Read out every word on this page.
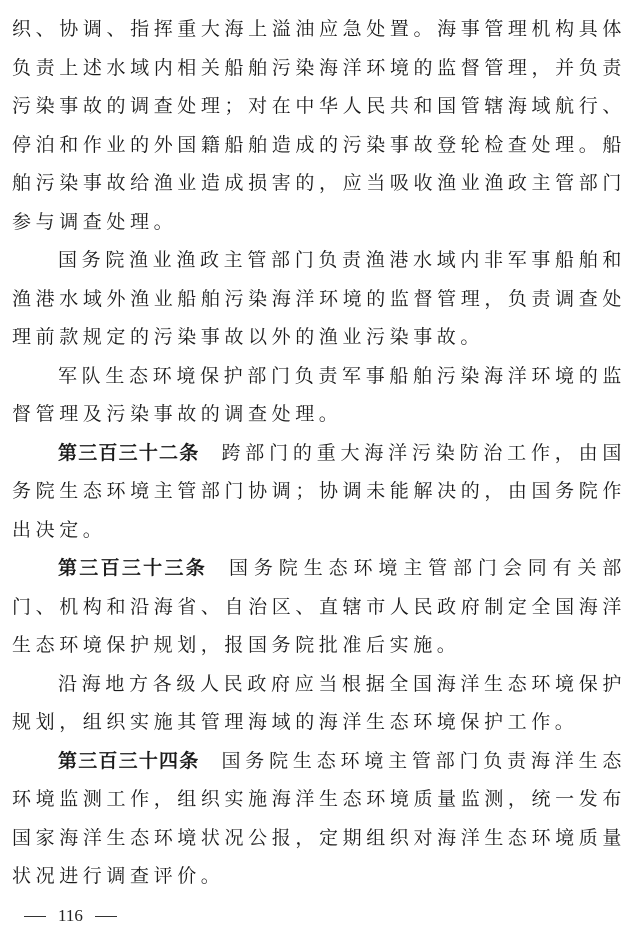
织、协调、指挥重大海上溢油应急处置。海事管理机构具体负责上述水域内相关船舶污染海洋环境的监督管理，并负责污染事故的调查处理；对在中华人民共和国管辖海域航行、停泊和作业的外国籍船舶造成的污染事故登轮检查处理。船舶污染事故给渔业造成损害的，应当吸收渔业渔政主管部门参与调查处理。

国务院渔业渔政主管部门负责渔港水域内非军事船舶和渔港水域外渔业船舶污染海洋环境的监督管理，负责调查处理前款规定的污染事故以外的渔业污染事故。

军队生态环境保护部门负责军事船舶污染海洋环境的监督管理及污染事故的调查处理。

第三百三十二条 跨部门的重大海洋污染防治工作，由国务院生态环境主管部门协调；协调未能解决的，由国务院作出决定。

第三百三十三条 国务院生态环境主管部门会同有关部门、机构和沿海省、自治区、直辖市人民政府制定全国海洋生态环境保护规划，报国务院批准后实施。

沿海地方各级人民政府应当根据全国海洋生态环境保护规划，组织实施其管理海域的海洋生态环境保护工作。

第三百三十四条 国务院生态环境主管部门负责海洋生态环境监测工作，组织实施海洋生态环境质量监测，统一发布国家海洋生态环境状况公报，定期组织对海洋生态环境质量状况进行调查评价。

116
